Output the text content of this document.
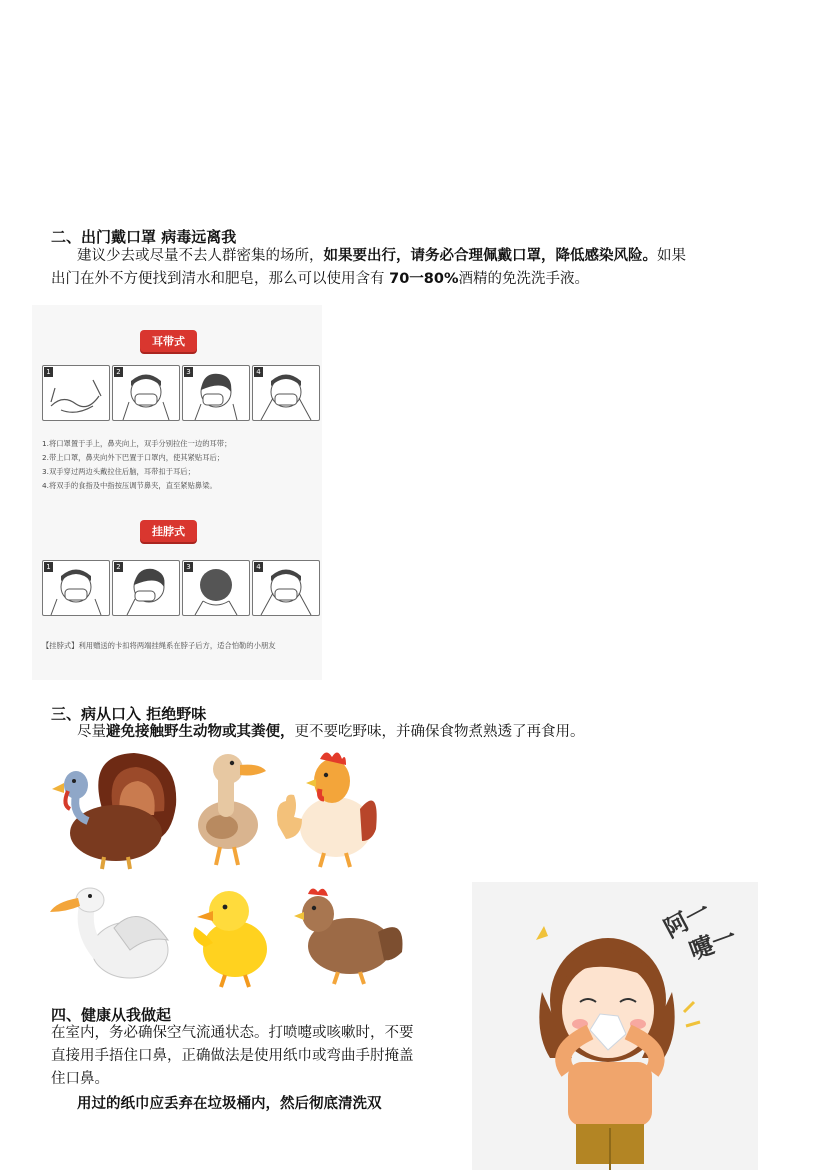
二、出门戴口罩 病毒远离我
建议少去或尽量不去人群密集的场所，如果要出行，请务必合理佩戴口罩，降低感染风险。如果
出门在外不方便找到清水和肥皂，那么可以使用含有 70一80%酒精的免洗洗手液。
耳带式
1	2	3	4
1.将口罩置于手上，鼻夹向上，双手分别拉住一边的耳带；
2.带上口罩，鼻夹向外下巴置于口罩内，使其紧贴耳后；
3.双手穿过两边头戴拉住后脑，耳带扣于耳后；
4.将双手的食指及中指按压调节鼻夹，直至紧贴鼻梁。
挂脖式
1	2	3	4
【挂脖式】利用赠送的卡扣将两端挂绳系在脖子后方，适合怕勒的小朋友
三、病从口入 拒绝野味
尽量避免接触野生动物或其粪便，更不要吃野味，并确保食物煮熟透了再食用。
阿一
嚏一
四、健康从我做起
在室内，务必确保空气流通状态。打喷嚏或咳嗽时，不要
直接用手捂住口鼻，正确做法是使用纸巾或弯曲手肘掩盖
住口鼻。
用过的纸巾应丢弃在垃圾桶内，然后彻底清洗双
